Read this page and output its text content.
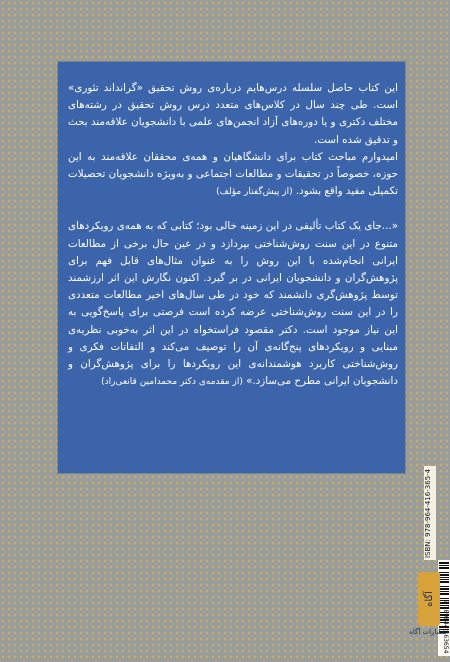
این کتاب حاصل سلسله درس‌هایم درباره‌ی روش تحقیق «گرانداند تئوری» است. طی چند سال در کلاس‌های متعدد درس روش تحقیق در رشته‌های مختلف دکتری و یا دوره‌های آزاد انجمن‌های علمی با دانشجویان علاقه‌مند بحث و تدقیق شده است.

امیدوارم مباحث کتاب برای دانشگاهیان و همه‌ی محققان علاقه‌مند به این حوزه، خصوصاً در تحقیقات و مطالعات اجتماعی و به‌ویژه دانشجویان تحصیلات تکمیلی مفید واقع بشود. (از پیش‌گفتار مؤلف)

«...جای یک کتاب تألیفی در این زمینه خالی بود؛ کتابی که به همه‌ی رویکردهای متنوع در این سنت روش‌شناختی بپردازد و در عین حال برخی از مطالعات ایرانی انجام‌شده با این روش را به عنوان مثال‌های قابل فهم برای پژوهش‌گران و دانشجویان ایرانی در بر گیرد. اکنون نگارش این اثر ارزشمند توسط پژوهش‌گری دانشمند که خود در طی سال‌های اخیر مطالعات متعددی را در این سنت روش‌شناختی عرضه کرده است فرصتی برای پاسخ‌گویی به این نیاز موجود است. دکتر مقصود فراستخواه در این اثر به‌خوبی نظریه‌ی مبنایی و رویکردهای پنج‌گانه‌ی آن را توصیف می‌کند و التفاتات فکری و روش‌شناختی کاربرد هوشمندانه‌ی این رویکردها را برای پژوهش‌گران و دانشجویان ایرانی مطرح می‌سازد.» (از مقدمه‌ی دکتر محمدامین قانعی‌راد)

ISBN: 978-964-416-365-4
9 789644 163654
آگاه
انتشارات آگاه
